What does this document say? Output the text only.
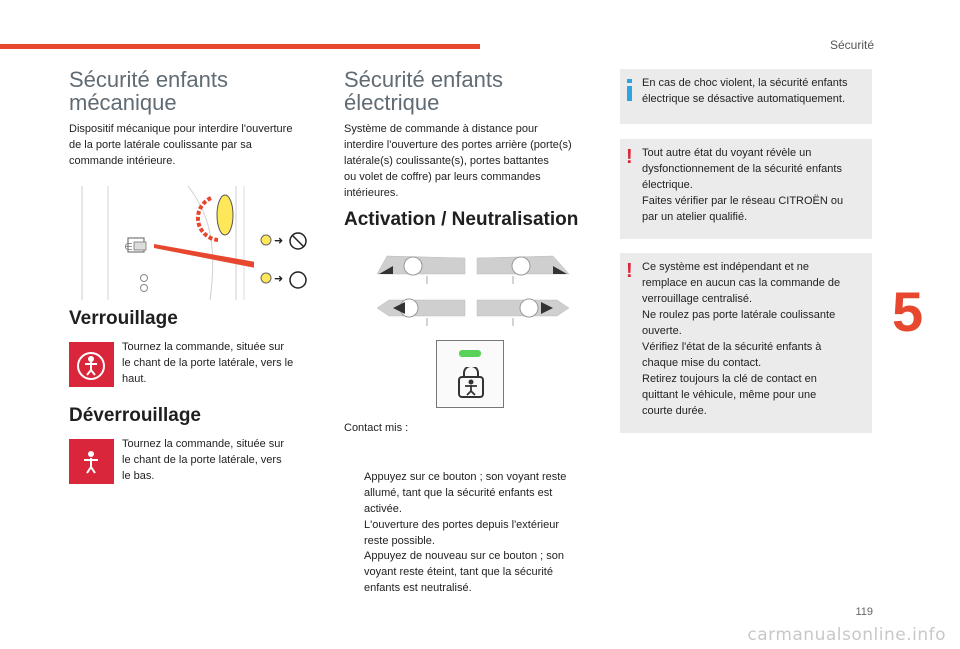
Sécurité
Sécurité enfants
mécanique
Dispositif mécanique pour interdire l'ouverture
de la porte latérale coulissante par sa
commande intérieure.
∈
➜
➜
Verrouillage
Tournez la commande, située sur
le chant de la porte latérale, vers le
haut.
Déverrouillage
Tournez la commande, située sur
le chant de la porte latérale, vers
le bas.
Sécurité enfants
électrique
Système de commande à distance pour
interdire l'ouverture des portes arrière (porte(s)
latérale(s) coulissante(s), portes battantes
ou volet de coffre) par leurs commandes
intérieures.
Activation / Neutralisation
Contact mis :

Appuyez sur ce bouton ; son voyant reste
allumé, tant que la sécurité enfants est
activée.
L'ouverture des portes depuis l'extérieur
reste possible.

Appuyez de nouveau sur ce bouton ; son
voyant reste éteint, tant que la sécurité
enfants est neutralisé.

En cas de choc violent, la sécurité enfants
électrique se désactive automatiquement.
! Tout autre état du voyant révèle un
dysfonctionnement de la sécurité enfants
électrique.
Faites vérifier par le réseau CITROËN ou
par un atelier qualifié.
! Ce système est indépendant et ne
remplace en aucun cas la commande de
verrouillage centralisé.
Ne roulez pas porte latérale coulissante
ouverte.
Vérifiez l'état de la sécurité enfants à
chaque mise du contact.
Retirez toujours la clé de contact en
quittant le véhicule, même pour une
courte durée.
5
119
carmanualsonline.info
